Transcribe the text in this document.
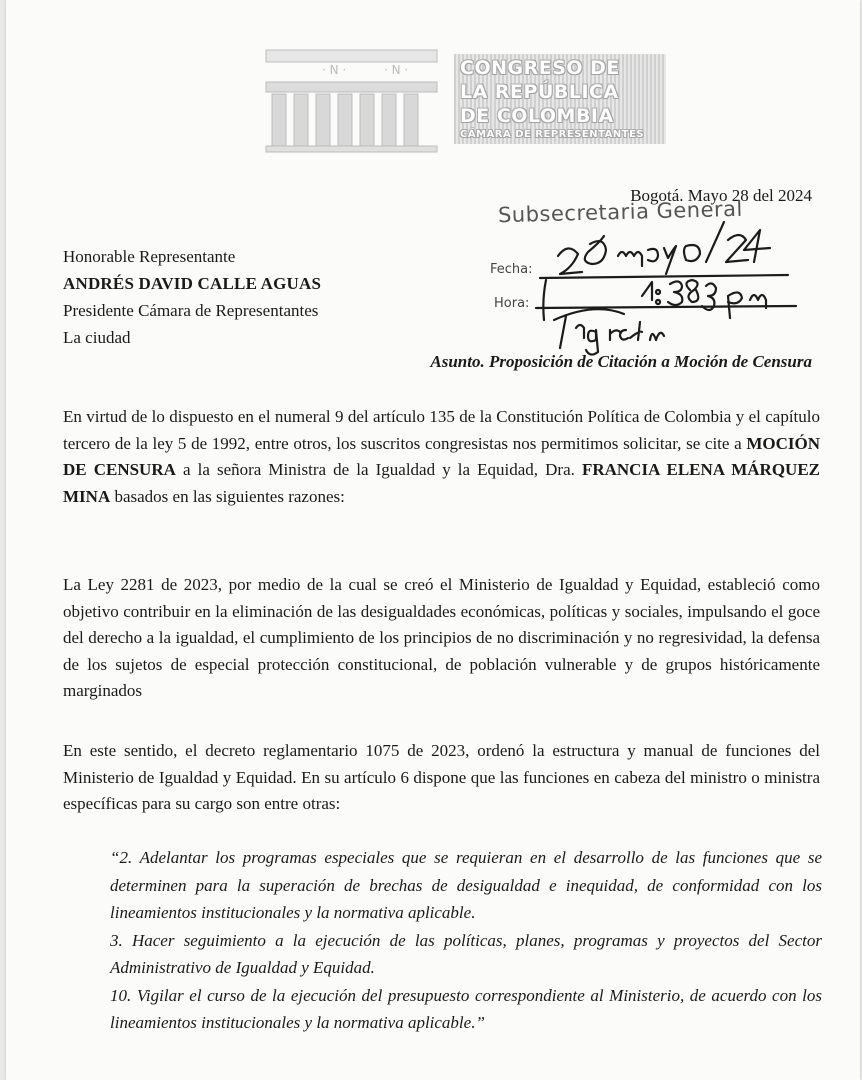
· N ·	· N ·	CONGRESO DE
LA REPÚBLICA
DE COLOMBIA
CÁMARA DE REPRESENTANTES
Bogotá. Mayo 28 del 2024
Subsecretaria General
Fecha:
Hora:
28 mayo/24
4:38 pm
Ingrid
Honorable Representante
ANDRÉS DAVID CALLE AGUAS
Presidente Cámara de Representantes
La ciudad
Asunto. Proposición de Citación a Moción de Censura

En virtud de lo dispuesto en el numeral 9 del artículo 135 de la Constitución Política de Colombia y el capítulo tercero de la ley 5 de 1992, entre otros, los suscritos congresistas nos permitimos solicitar, se cite a MOCIÓN DE CENSURA a la señora Ministra de la Igualdad y la Equidad, Dra. FRANCIA ELENA MÁRQUEZ MINA basados en las siguientes razones:

La Ley 2281 de 2023, por medio de la cual se creó el Ministerio de Igualdad y Equidad, estableció como objetivo contribuir en la eliminación de las desigualdades económicas, políticas y sociales, impulsando el goce del derecho a la igualdad, el cumplimiento de los principios de no discriminación y no regresividad, la defensa de los sujetos de especial protección constitucional, de población vulnerable y de grupos históricamente marginados

En este sentido, el decreto reglamentario 1075 de 2023, ordenó la estructura y manual de funciones del Ministerio de Igualdad y Equidad. En su artículo 6 dispone que las funciones en cabeza del ministro o ministra específicas para su cargo son entre otras:

“2. Adelantar los programas especiales que se requieran en el desarrollo de las funciones que se determinen para la superación de brechas de desigualdad e inequidad, de conformidad con los lineamientos institucionales y la normativa aplicable.

3. Hacer seguimiento a la ejecución de las políticas, planes, programas y proyectos del Sector Administrativo de Igualdad y Equidad.

10. Vigilar el curso de la ejecución del presupuesto correspondiente al Ministerio, de acuerdo con los lineamientos institucionales y la normativa aplicable.”
